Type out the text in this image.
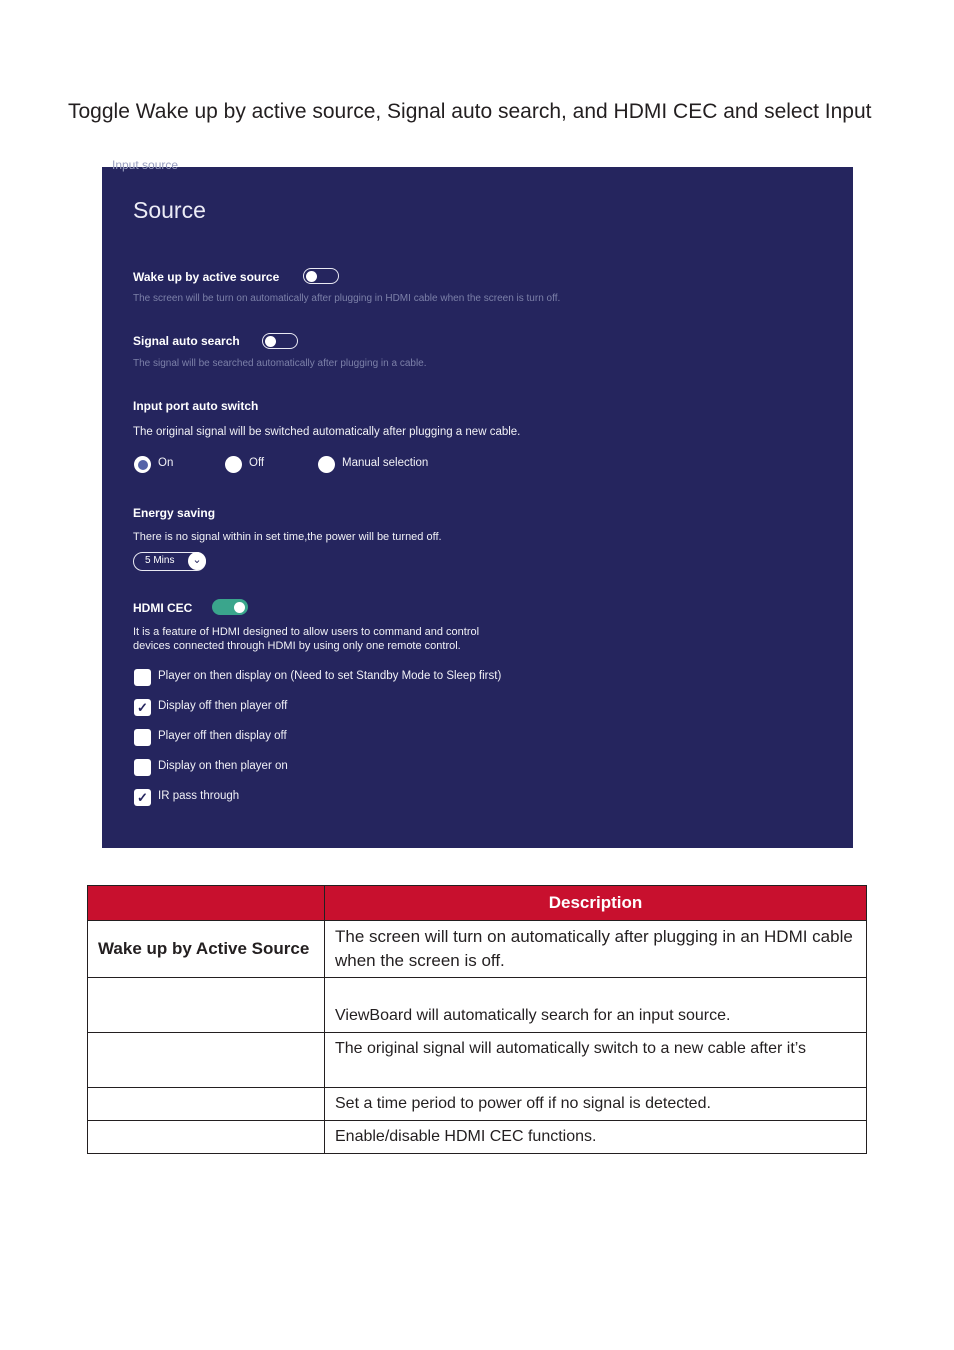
Toggle Wake up by active source, Signal auto search, and HDMI CEC and select Input
Input source
Source
Wake up by active source
The screen will be turn on automatically after plugging in HDMI cable when the screen is turn off.
Signal auto search
The signal will be searched automatically after plugging in a cable.
Input port auto switch
The original signal will be switched automatically after plugging a new cable.
On	Off	Manual selection
Energy saving
There is no signal within in set time,the power will be turned off.
5 Mins	⌄
HDMI CEC
It is a feature of HDMI designed to allow users to command and control
devices connected through HDMI by using only one remote control.
Player on then display on (Need to set Standby Mode to Sleep first)
✓ Display off then player off
Player off then display off
Display on then player on
✓ IR pass through
	Description
Wake up by Active Source	The screen will turn on automatically after plugging in an HDMI cable when the screen is off.
	ViewBoard will automatically search for an input source.
	The original signal will automatically switch to a new cable after it’s
	Set a time period to power off if no signal is detected.
	Enable/disable HDMI CEC functions.
